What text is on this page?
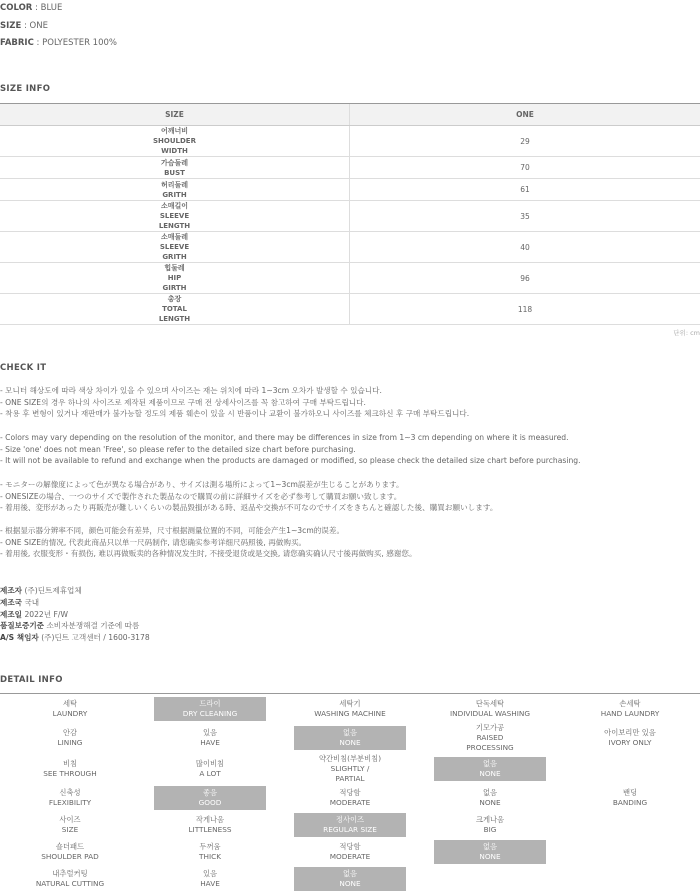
COLOR : BLUE
SIZE : ONE
FABRIC : POLYESTER 100%
SIZE INFO
SIZE	ONE
어깨너비
SHOULDER
WIDTH
29
가슴둘레
BUST
70
허리둘레
GRITH
61
소매길이
SLEEVE
LENGTH
35
소매둘레
SLEEVE
GRITH
40
힙둘레
HIP
GIRTH
96
총장
TOTAL
LENGTH
118
단위: cm
CHECK IT
- 모니터 해상도에 따라 색상 차이가 있을 수 있으며 사이즈는 재는 위치에 따라 1~3cm 오차가 발생할 수 있습니다.
- ONE SIZE의 경우 하나의 사이즈로 제작된 제품이므로 구매 전 상세사이즈를 꼭 참고하여 구매 부탁드립니다.
- 착용 후 변형이 있거나 재판매가 불가능할 정도의 제품 훼손이 있을 시 반품이나 교환이 불가하오니 사이즈를 체크하신 후 구매 부탁드립니다.
- Colors may vary depending on the resolution of the monitor, and there may be differences in size from 1~3 cm depending on where it is measured.
- Size 'one' does not mean 'Free', so please refer to the detailed size chart before purchasing.
- It will not be available to refund and exchange when the products are damaged or modified, so please check the detailed size chart before purchasing.
- モニターの解像度によって色が異なる場合があり、サイズは測る場所によって1~3cm誤差が生じることがあります。
- ONESIZEの場合、一つのサイズで製作された製品なので購買の前に詳細サイズを必ず参考して購買お願い致します。
- 着用後、変形があったり再販売が難しいくらいの製品毀損がある時、返品や交換が不可なのでサイズをきちんと確認した後、購買お願いします。
- 根据显示器分辨率不同，颜色可能会有差异，尺寸根据测量位置的不同，可能会产生1~3cm的误差。
- ONE SIZE的情况, 代表此商品只以单一尺码制作, 请您确实参考详细尺码照後, 再做购买。
- 着用後, 衣服变形・有损伤, 难以再做贩卖的各种情况发生时, 不接受退货或是交换, 请您确实确认尺寸後再做购买, 感谢您。
제조자 (주)딘트제휴업체
제조국 국내
제조일 2022년 F/W
품질보증기준 소비자분쟁해결 기준에 따름
A/S 책임자 (주)딘트 고객센터 / 1600-3178
DETAIL INFO
세탁
LAUNDRY
드라이
DRY CLEANING
세탁기
WASHING MACHINE
단독세탁
INDIVIDUAL WASHING
손세탁
HAND LAUNDRY
안감
LINING
있음
HAVE
없음
NONE
기모가공
RAISED
PROCESSING
아이보리만 있음
IVORY ONLY
비침
SEE THROUGH
많이비침
A LOT
약간비침(부분비침)
SLIGHTLY /
PARTIAL
없음
NONE
신축성
FLEXIBILITY
좋음
GOOD
적당함
MODERATE
없음
NONE
밴딩
BANDING
사이즈
SIZE
작게나옴
LITTLENESS
정사이즈
REGULAR SIZE
크게나옴
BIG
숄더패드
SHOULDER PAD
두꺼움
THICK
적당함
MODERATE
없음
NONE
내추럴커팅
NATURAL CUTTING
있음
HAVE
없음
NONE
